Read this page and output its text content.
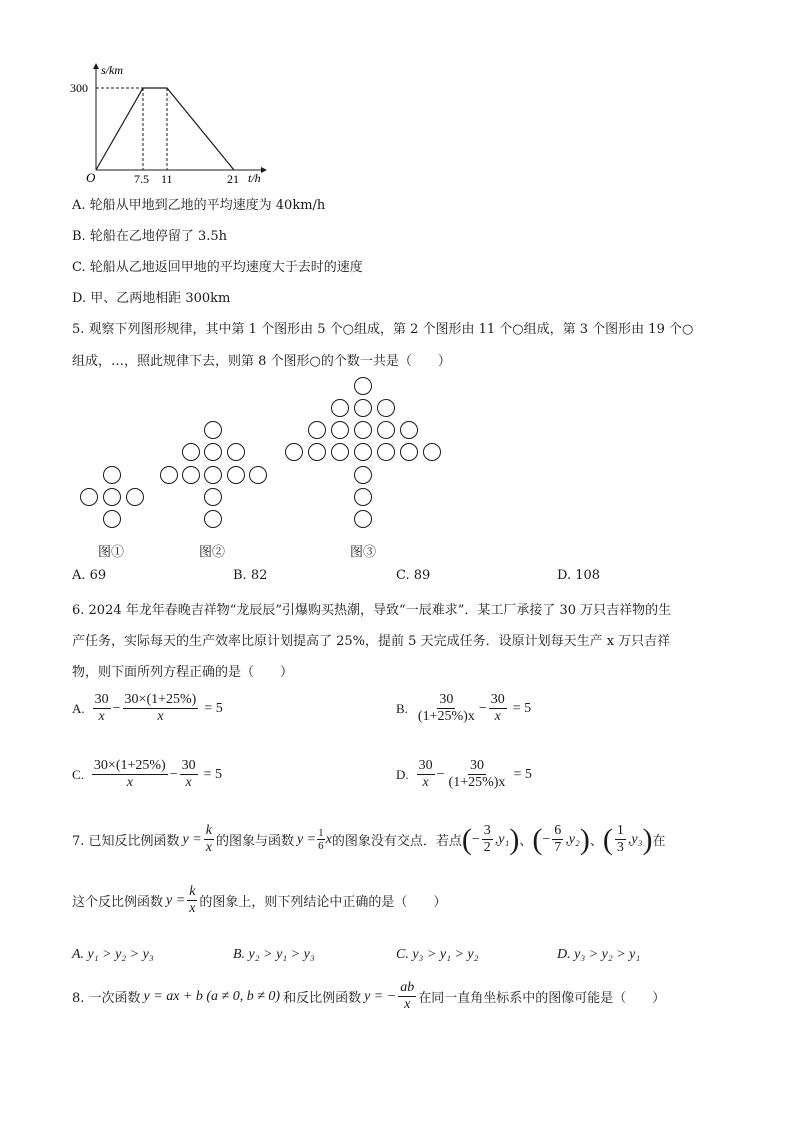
s/km
300
O	7.5 11	21 t/h
A. 轮船从甲地到乙地的平均速度为 40km/h
B. 轮船在乙地停留了 3.5h
C. 轮船从乙地返回甲地的平均速度大于去时的速度
D. 甲、乙两地相距 300km
5. 观察下列图形规律，其中第 1 个图形由 5 个○组成，第 2 个图形由 11 个○组成，第 3 个图形由 19 个○
组成，…，照此规律下去，则第 8 个图形○的个数一共是（　　）
图①	图②	图③
A. 69	B. 82	C. 89	D. 108
6. 2024 年龙年春晚吉祥物“龙辰辰”引爆购买热潮，导致“一辰难求”．某工厂承接了 30 万只吉祥物的生
产任务，实际每天的生产效率比原计划提高了 25%，提前 5 天完成任务．设原计划每天生产 x 万只吉祥
物，则下面所列方程正确的是（　　）
A. $\frac{30}{x} - \frac{30\times(1+25\%)}{x} = 5$	B. $\frac{30}{(1+25\%)x} - \frac{30}{x} = 5$
C. $\frac{30\times(1+25\%)}{x} - \frac{30}{x} = 5$	D. $\frac{30}{x} - \frac{30}{(1+25\%)x} = 5$
7. 已知反比例函数 $y = \frac{k}{x}$ 的图象与函数 $y = \frac{1}{6}$ x 的图象没有交点．若点 ( − $\frac{3}{2}$ , y₁ ) 、 ( − $\frac{6}{7}$ , y₂ ) 、 ( $\frac{1}{3}$ , y₃ ) 在
这个反比例函数 $y = \frac{k}{x}$ 的图象上，则下列结论中正确的是（　　）
A. y₁ > y₂ > y₃	B. y₂ > y₁ > y₃	C. y₃ > y₁ > y₂	D. y₃ > y₂ > y₁
8. 一次函数 y = ax + b (a ≠ 0, b ≠ 0) 和反比例函数 y = − $\frac{ab}{x}$ 在同一直角坐标系中的图像可能是（　　）
